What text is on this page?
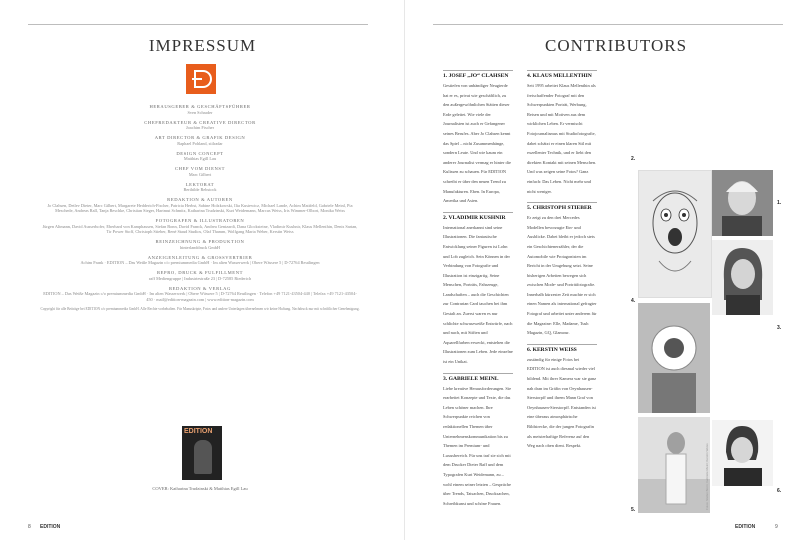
IMPRESSUM
HERAUSGEBER & GESCHÄFTSFÜHRER
Sven Schrader
CHEFREDAKTEUR & CREATIVE DIRECTOR
Joachim Fischer
ART DIRECTOR & GRAFIK DESIGN
Raphael Pohland, stilradar
DESIGN CONCEPT
Matthias Egill Lau
CHEF VOM DIENST
Marc Gilbert
LEKTORAT
Berthilde Rebstock
REDAKTION & AUTOREN
Jo Clahsen, Detlev Dieter, Marc Gilbert, Margarete Hedderich-Fischer, Patricia Herbst, Sabine Holzkowski, Ilia Kusiewicz, Michael Lande, Achim Mattfeld, Gabriele Meinl, Pia Meschede, Andreas Rall, Tanja Reschke, Christian Sieger, Hartmut Schmitz, Katharina Trudzinski, Kurt Weidemann, Marcus Weiss, Iris Wimmer-Olbort, Monika Weiss
FOTOGRAFEN & ILLUSTRATOREN
Jürgen Altmann, David Ausserhofer, Eberhard von Kamphausen, Stefan Bonn, David Franck, Andrea Gentzardi, Dana Glocksteine, Vladimir Kushnir, Klaus Mellenthin, Denis Sartan, Tir Power Stoff, Christoph Stieber, René Staud Studios, Olaf Thamm, Wolfgang Maria Weber, Kerstin Weiss
REINZEICHNUNG & PRODUKTION
hinterlanddruck GmbH
ANZEIGENLEITUNG & GROSSVERTRIEB
Achim Frank · EDITION – Das Weiße Magazin c/o premiummedia GmbH · Im alten Wasserwerk | Obere Wässere 5 | D-72764 Reutlingen
REPRO, DRUCK & FULFILLMENT
raff Mediengruppe | Industriestraße 23 | D-72585 Riederich
REDAKTION & VERLAG
EDITION – Das Weiße Magazin c/o premiummedia GmbH · Im alten Wasserwerk | Obere Wässere 5 | D-72764 Reutlingen · Telefon +49 7121-43504-440 | Telefax +49 7121-43504-450 · mail@edition-magazin.com | www.edition-magazin.com
Copyright für alle Beiträge bei EDITION c/o premiummedia GmbH. Alle Rechte vorbehalten. Für Manuskripte, Fotos und andere Unterlagen übernehmen wir keine Haftung. Nachdruck nur mit schriftlicher Genehmigung.
EDITION
COVER: Katharina Trudzinski & Matthias Egill Lau
8 EDITION
CONTRIBUTORS
1. JOSEF „JO“ CLAHSEN
Gestiefen von unbändiger Neugierde hat er es, privat wie geschäftlich, zu den außergewöhnlichen Stätten dieser Erde geleitet. Wie viele der Journalisten ist auch er Gefangener seines Berufes. Aber Jo Clahsen kennt das Spiel – nicht Zusammenhänge, sondern Leute. Und wie kaum ein anderer Journalist vermag er hinter die Kulissen zu schauen. Für EDITION schreibt er über den neuen Trend zu Manufakturen. Eben. In Europa, Amerika und Asien.
2. VLADIMIR KUSHNIR
International anerkannt sind seine Illustrationen. Die fantastische Entwicklung seiner Figuren ist Lohn und Lob zugleich. Sein Können in der Verbindung von Fotografie und Illustration ist einzigartig. Seine Menschen, Porträts, Fahrzeuge, Landschaften – auch die Geschichten zur Contrarian Card tauchen bei ihm Gestalt an. Zuerst waren es nur schlichte schwarzweiße Entwürfe, nach und nach, mit Stiften und Aquarellfarben erweckt, entstehen die Illustrationen zum Leben. Jede einzelne ist ein Unikat.
3. GABRIELE MEINL
Liebe kreative Herausforderungen. Sie erarbeitet Konzepte und Texte, die das Leben schöner machen. Ihre Schwerpunkte reichen von redaktionellen Themen über Unternehmenskommunikation bis zu Themen im Premium- und Luxusbereich. Für uns traf sie sich mit dem Drucker Dieter Raff und dem Typografen Kurt Weidemann, zu – wohl einem seiner letzten – Gespräche über Trends, Tatsachen, Drucksachen, Schreibkunst und schöne Frauen.
4. KLAUS MELLENTHIN
Seit 1995 arbeitet Klaus Mellenthin als freischaffender Fotograf mit den Schwerpunkten Porträt, Werbung, Reisen und mit Motiven aus dem wirklichen Leben. Er vermischt Fotojournalismus mit Studiofotografie, dabei schätzt er einen klaren Stil mit exzellenter Technik, und er liebt den direkten Kontakt mit seinen Menschen. Und was zeigen seine Fotos? Ganz einfach: Das Leben. Nicht mehr und nicht weniger.
5. CHRISTOPH STIEBER
Er zeigt zu den drei Mercedes Modellen bevorzugte Ein- und Ausblicke. Dabei bleibt er jedoch stets ein Geschichtenerzähler, der die Automobile wie Protagonisten im Bericht in der Umgebung setzt. Seine bisherigen Arbeiten bewegen sich zwischen Mode- und Porträtfotografie. Innerhalb kürzester Zeit machte er sich einen Namen als international gefragter Fotograf und arbeitet unter anderem für die Magazine: Elle, Madame, Tush Magazin, GQ, Glamour.
6. KERSTIN WEISS
zuständig für einige Fotos bei EDITION ist auch diesmal wieder viel bildend. Mit ihrer Kamera war sie ganz nah dran im Gräfin von Oeynhausen-Sierstorpff und ihrem Mann Graf von Oeynhausen-Sierstorpff. Entstanden ist eine überaus atmosphärische Bildstrecke, die der jungen Fotografin als meisterhaftige Referenz auf den Weg nach oben dient. Respekt.
2.
1.
3.
4.
5.
6.
Fotos: Stefan Bonn; Gabriele Meinl; Kerstin Weiss
EDITION	9
